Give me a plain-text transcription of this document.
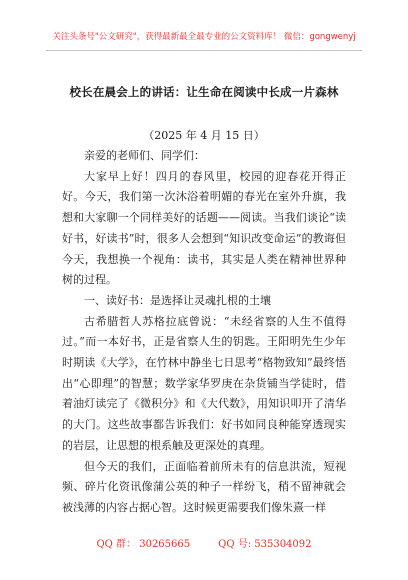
关注头条号"公文研究"，获得最新最全最专业的公文资料库！ 微信：gongwenyj
校长在晨会上的讲话：让生命在阅读中长成一片森林
（2025 年 4 月 15 日）

亲爱的老师们、同学们：

大家早上好！四月的春风里，校园的迎春花开得正好。今天，我们第一次沐浴着明媚的春光在室外升旗，我想和大家聊一个同样美好的话题——阅读。当我们谈论“读好书，好读书”时，很多人会想到“知识改变命运”的教诲但今天，我想换一个视角：读书，其实是人类在精神世界种树的过程。

一、读好书：是选择让灵魂扎根的土壤

古希腊哲人苏格拉底曾说：“未经省察的人生不值得过。”而一本好书，正是省察人生的钥匙。王阳明先生少年时期读《大学》，在竹林中静坐七日思考“格物致知”最终悟出“心即理”的智慧；数学家华罗庚在杂货铺当学徒时，借着油灯读完了《微积分》和《大代数》，用知识叩开了清华的大门。这些故事都告诉我们：好书如同良种能穿透现实的岩层，让思想的根系触及更深处的真理。

但今天的我们，正面临着前所未有的信息洪流，短视频、碎片化资讯像蒲公英的种子一样纷飞，稍不留神就会被浅薄的内容占据心智。这时候更需要我们像朱熹一样

QQ 群： 30265665	QQ 号: 535304092
